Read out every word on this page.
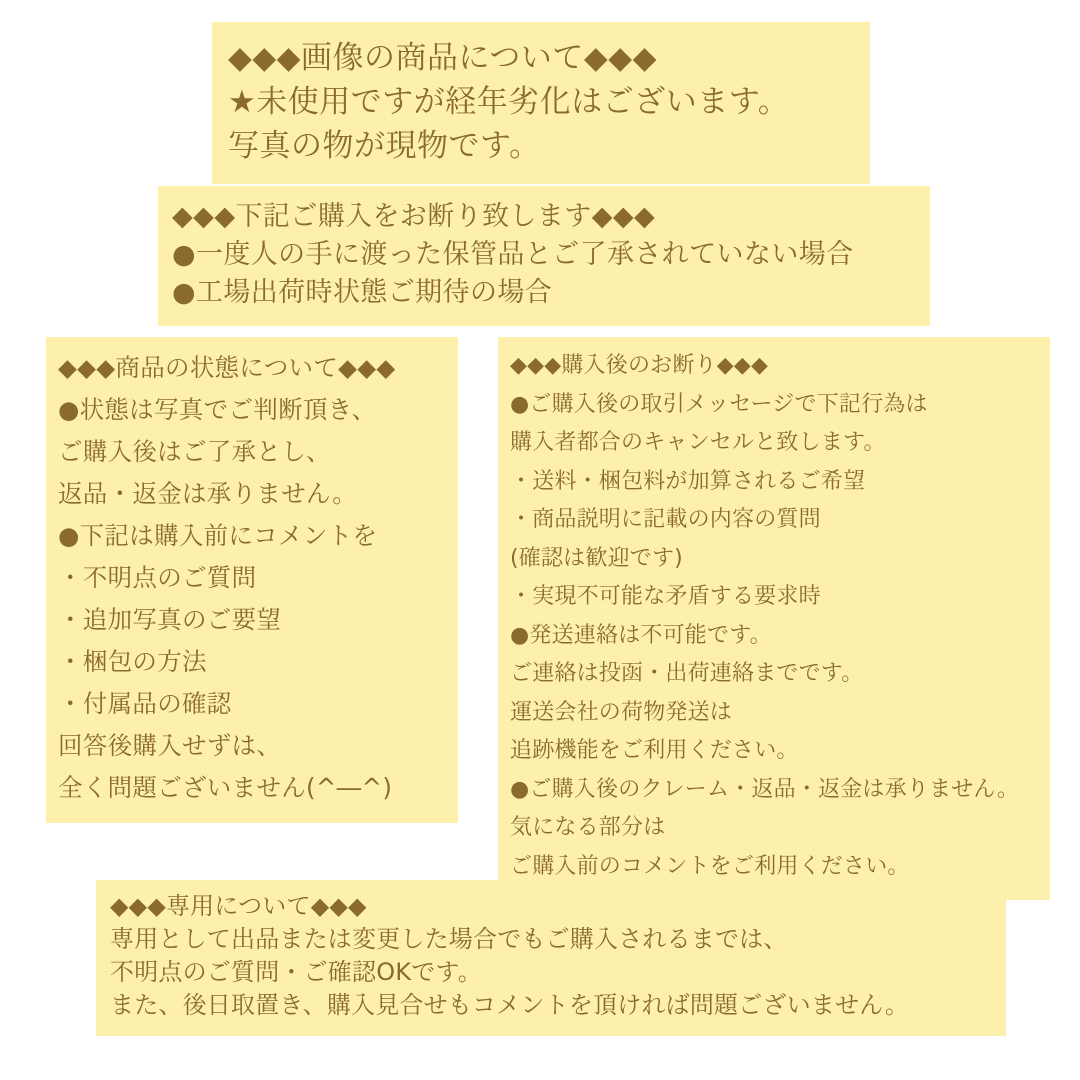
◆◆◆画像の商品について◆◆◆
★未使用ですが経年劣化はございます。
写真の物が現物です。
◆◆◆下記ご購入をお断り致します◆◆◆
●一度人の手に渡った保管品とご了承されていない場合
●工場出荷時状態ご期待の場合
◆◆◆商品の状態について◆◆◆
●状態は写真でご判断頂き、
ご購入後はご了承とし、
返品・返金は承りません。
●下記は購入前にコメントを
・不明点のご質問
・追加写真のご要望
・梱包の方法
・付属品の確認
回答後購入せずは、
全く問題ございません(^―^)
◆◆◆購入後のお断り◆◆◆
●ご購入後の取引メッセージで下記行為は
購入者都合のキャンセルと致します。
・送料・梱包料が加算されるご希望
・商品説明に記載の内容の質問
(確認は歓迎です)
・実現不可能な矛盾する要求時
●発送連絡は不可能です。
ご連絡は投函・出荷連絡までです。
運送会社の荷物発送は
追跡機能をご利用ください。
●ご購入後のクレーム・返品・返金は承りません。
気になる部分は
ご購入前のコメントをご利用ください。
◆◆◆専用について◆◆◆
専用として出品または変更した場合でもご購入されるまでは、
不明点のご質問・ご確認OKです。
また、後日取置き、購入見合せもコメントを頂ければ問題ございません。
